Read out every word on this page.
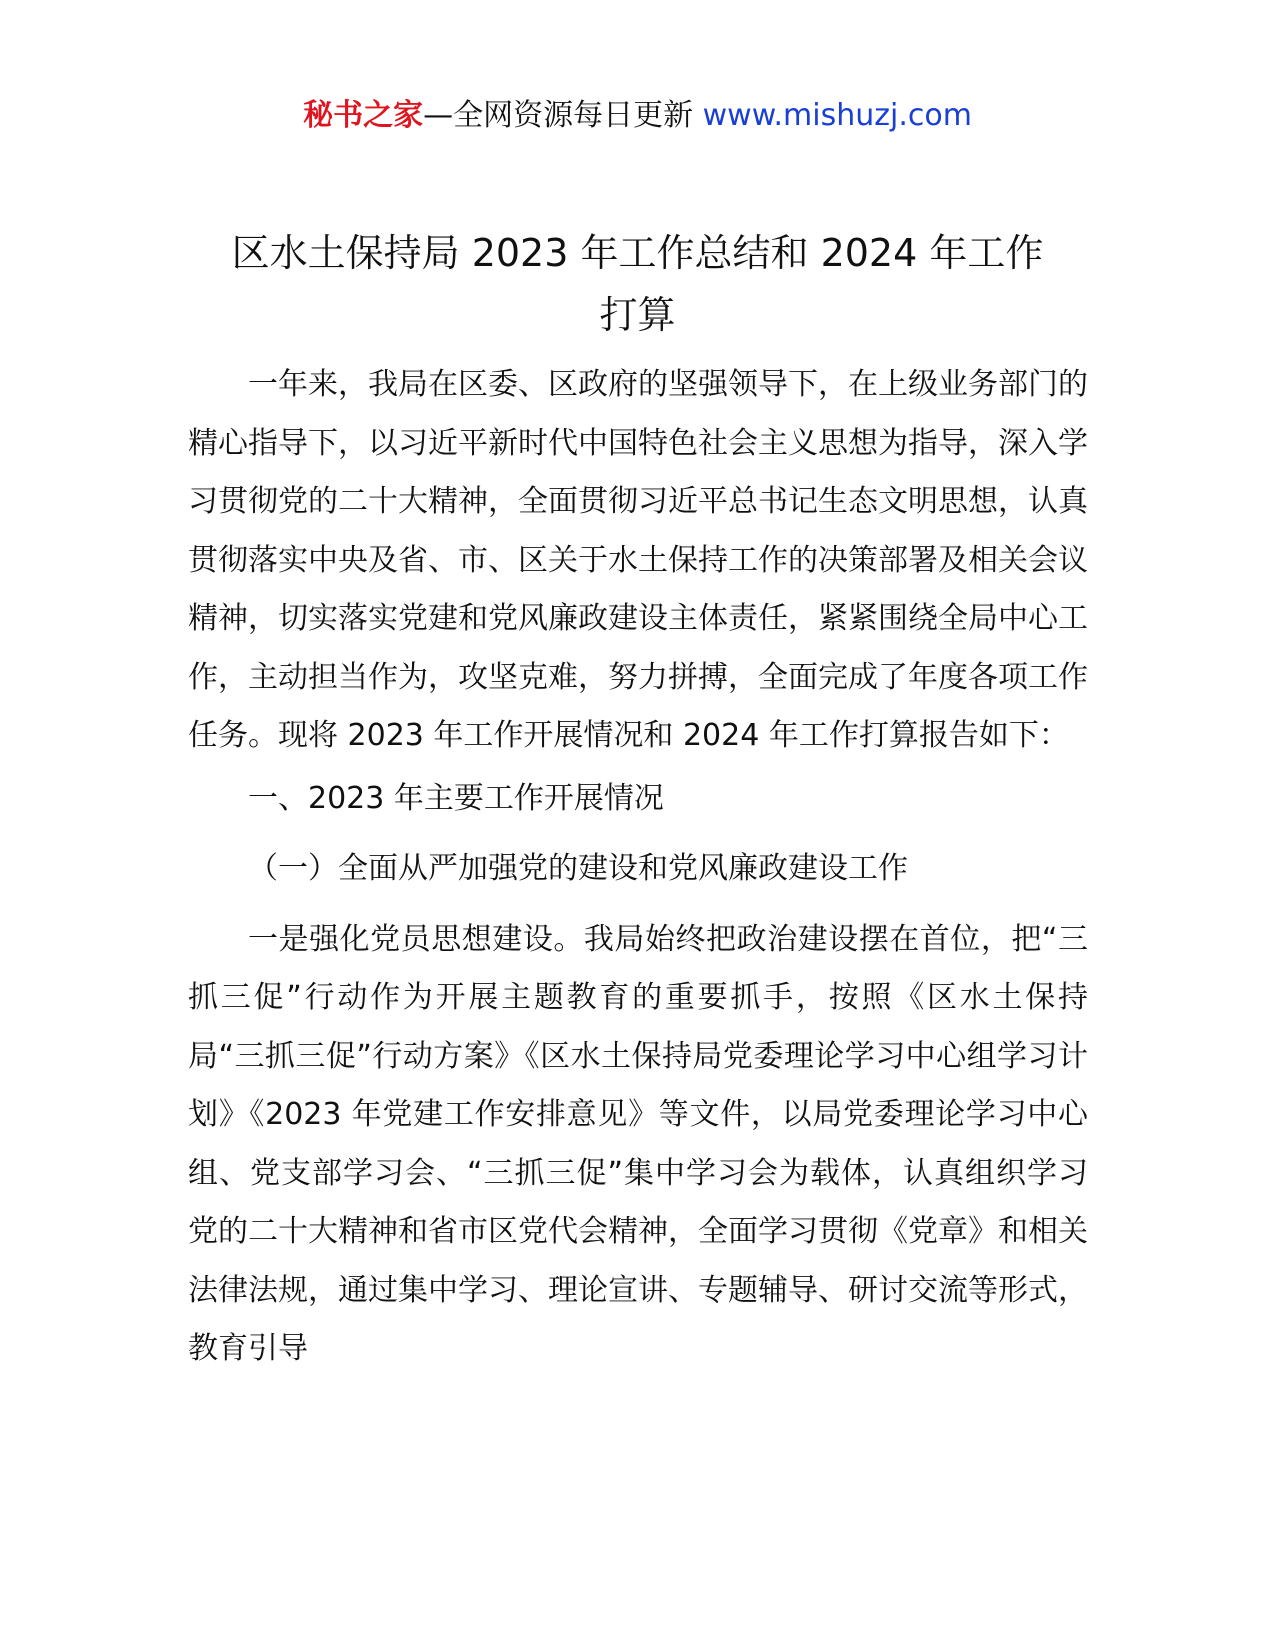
秘书之家—全网资源每日更新 www.mishuzj.com
区水土保持局 2023 年工作总结和 2024 年工作
打算

一年来，我局在区委、区政府的坚强领导下，在上级业务部门的精心指导下，以习近平新时代中国特色社会主义思想为指导，深入学习贯彻党的二十大精神，全面贯彻习近平总书记生态文明思想，认真贯彻落实中央及省、市、区关于水土保持工作的决策部署及相关会议精神，切实落实党建和党风廉政建设主体责任，紧紧围绕全局中心工作，主动担当作为，攻坚克难，努力拼搏，全面完成了年度各项工作任务。现将 2023 年工作开展情况和 2024 年工作打算报告如下：

一、2023 年主要工作开展情况

（一）全面从严加强党的建设和党风廉政建设工作

一是强化党员思想建设。我局始终把政治建设摆在首位，把“三抓三促”行动作为开展主题教育的重要抓手，按照《区水土保持局“三抓三促”行动方案》《区水土保持局党委理论学习中心组学习计划》《2023 年党建工作安排意见》等文件，以局党委理论学习中心组、党支部学习会、“三抓三促”集中学习会为载体，认真组织学习党的二十大精神和省市区党代会精神，全面学习贯彻《党章》和相关法律法规，通过集中学习、理论宣讲、专题辅导、研讨交流等形式，教育引导
